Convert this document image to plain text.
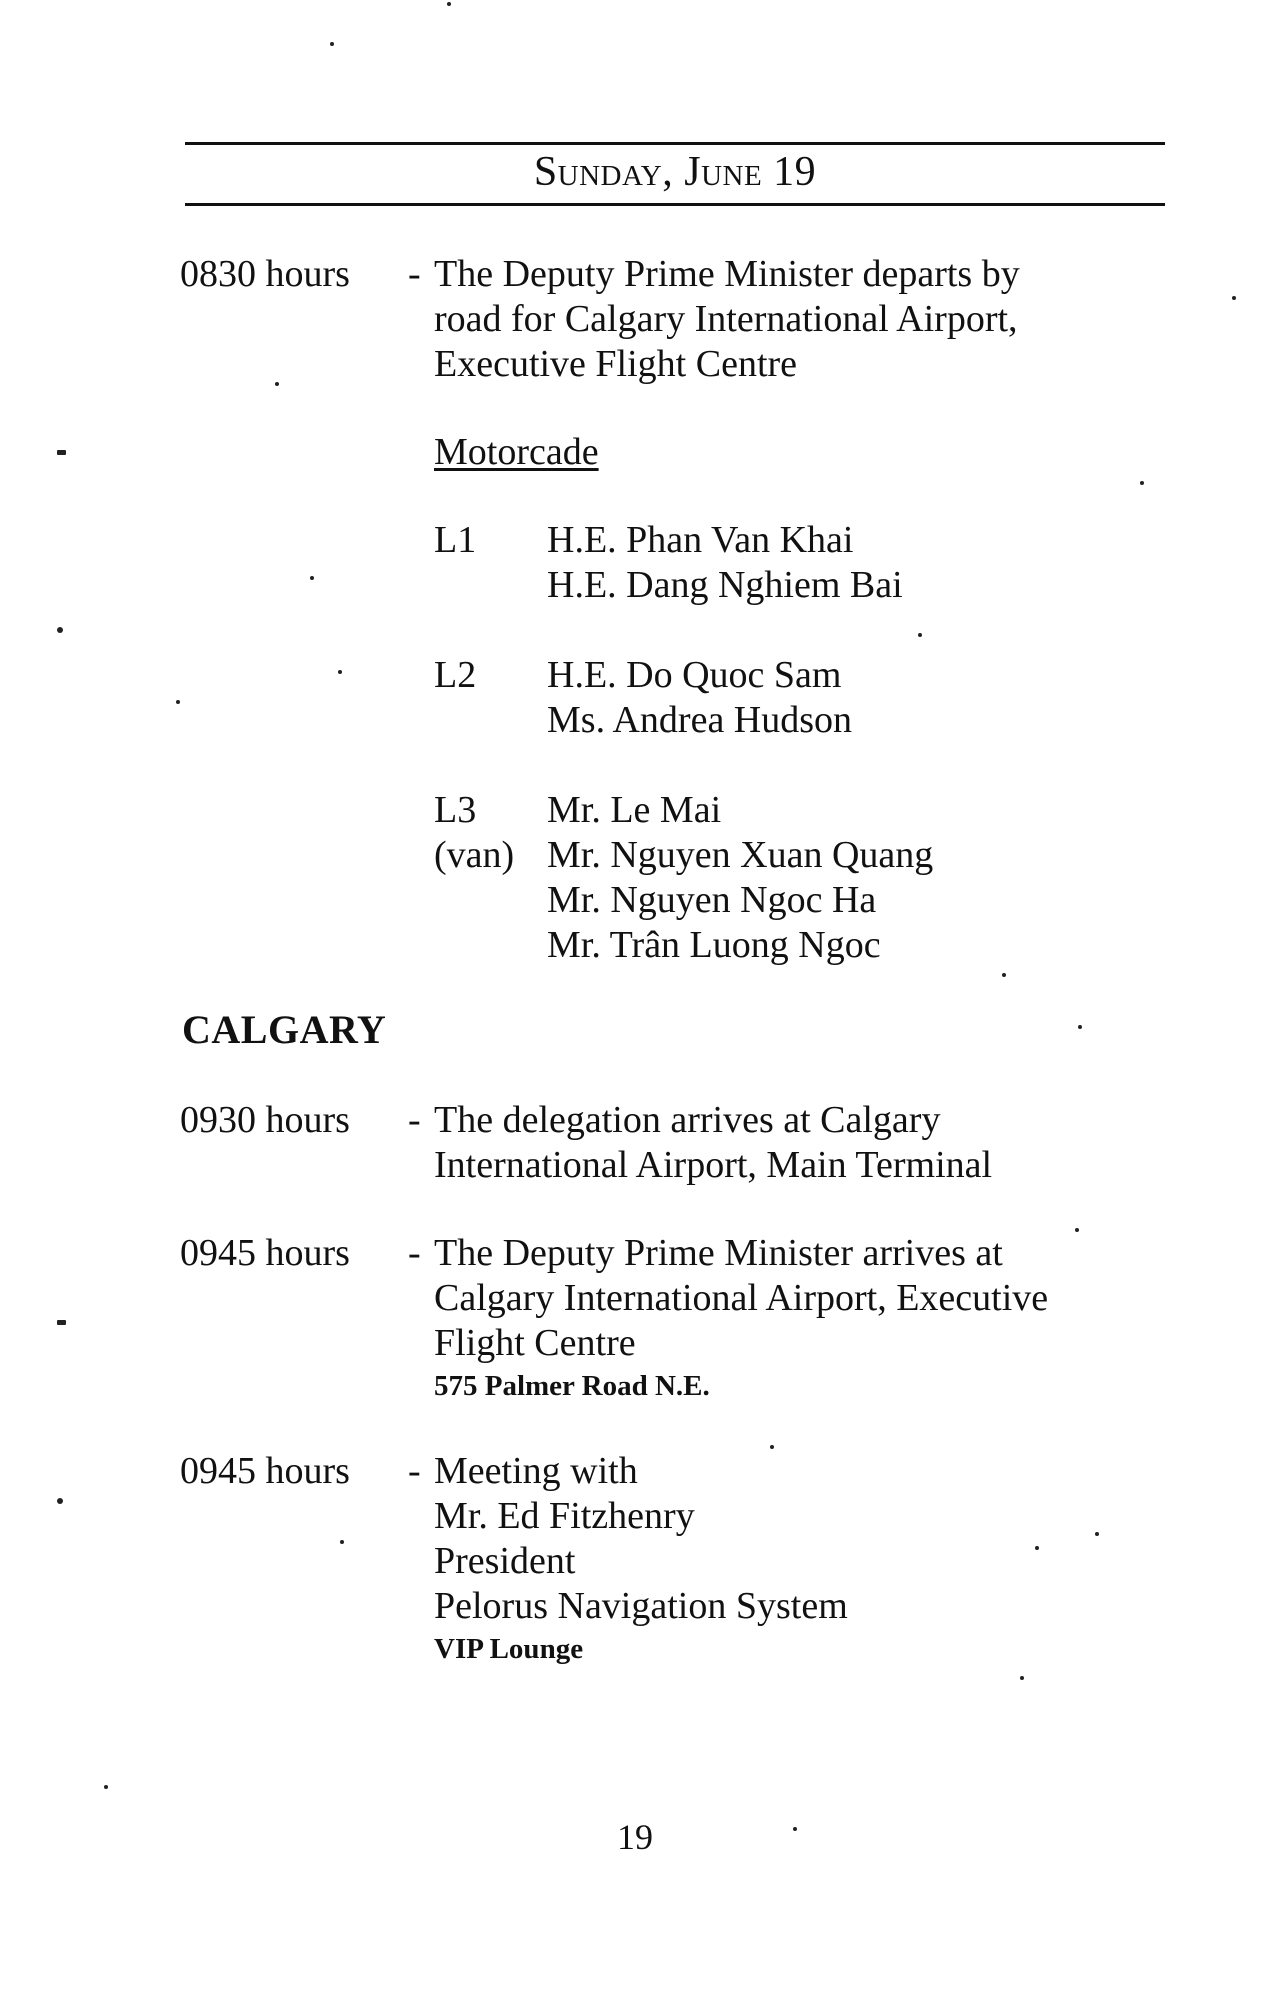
Sunday, June 19
0830 hours - The Deputy Prime Minister departs by
road for Calgary International Airport,
Executive Flight Centre
Motorcade
L1 H.E. Phan Van Khai
H.E. Dang Nghiem Bai
L2 H.E. Do Quoc Sam
Ms. Andrea Hudson
L3
(van)
Mr. Le Mai
Mr. Nguyen Xuan Quang
Mr. Nguyen Ngoc Ha
Mr. Trân Luong Ngoc
CALGARY
0930 hours - The delegation arrives at Calgary
International Airport, Main Terminal
0945 hours - The Deputy Prime Minister arrives at
Calgary International Airport, Executive
Flight Centre
575 Palmer Road N.E.
0945 hours - Meeting with
Mr. Ed Fitzhenry
President
Pelorus Navigation System
VIP Lounge
19
